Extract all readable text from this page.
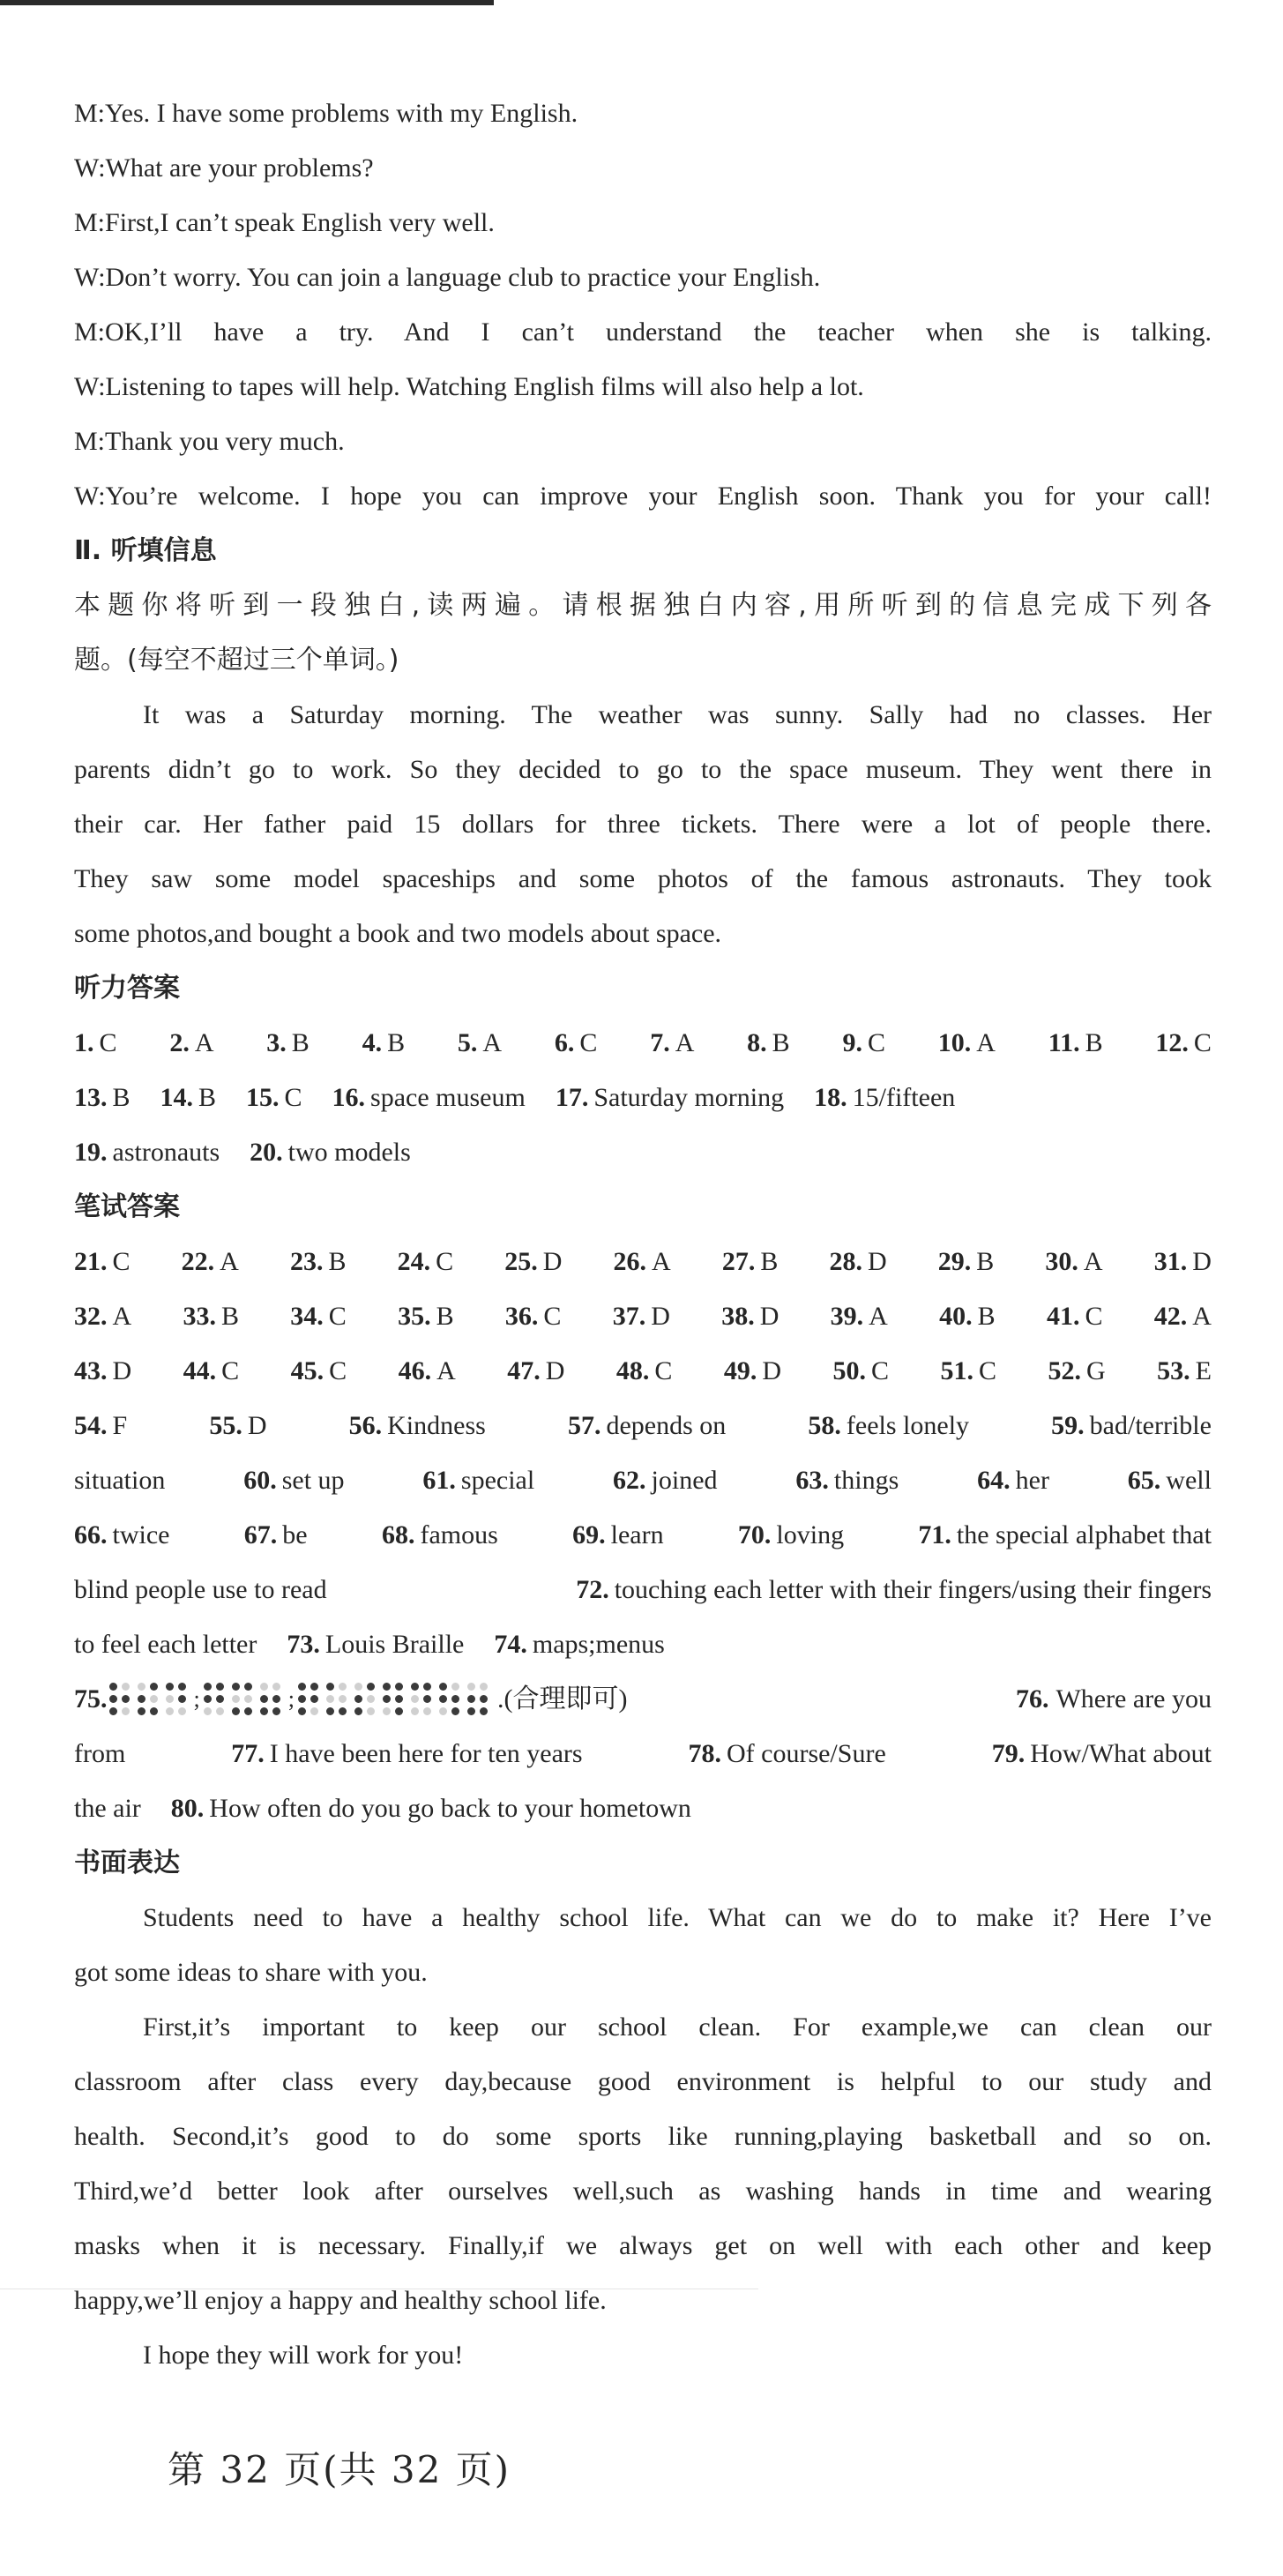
M:Yes. I have some problems with my English.
W:What are your problems?
M:First,I can’t speak English very well.
W:Don’t worry. You can join a language club to practice your English.
M:OK,I’ll have a try. And I can’t understand the teacher when she is talking.
W:Listening to tapes will help. Watching English films will also help a lot.
M:Thank you very much.
W:You’re welcome. I hope you can improve your English soon. Thank you for your call!
Ⅱ. 听填信息
本题你将听到一段独白,读两遍。请根据独白内容,用所听到的信息完成下列各
题。(每空不超过三个单词。)
It was a Saturday morning. The weather was sunny. Sally had no classes. Her
parents didn’t go to work. So they decided to go to the space museum. They went there in
their car. Her father paid 15 dollars for three tickets. There were a lot of people there.
They saw some model spaceships and some photos of the famous astronauts. They took
some photos,and bought a book and two models about space.
听力答案
1. C 2. A 3. B 4. B 5. A 6. C 7. A 8. B 9. C 10. A 11. B 12. C
13. B 14. B 15. C 16. space museum 17. Saturday morning 18. 15/fifteen
19. astronauts 20. two models
笔试答案
21. C 22. A 23. B 24. C 25. D 26. A 27. B 28. D 29. B 30. A 31. D
32. A 33. B 34. C 35. B 36. C 37. D 38. D 39. A 40. B 41. C 42. A
43. D 44. C 45. C 46. A 47. D 48. C 49. D 50. C 51. C 52. G 53. E
54. F	55. D	56. Kindness	57. depends on	58. feels lonely	59. bad/terrible
situation	60. set up	61. special	62. joined	63. things	64. her	65. well
66. twice	67. be	68. famous	69. learn	70. loving	71. the special alphabet that
blind people use to read	72. touching each letter with their fingers/using their fingers
to feel each letter 73. Louis Braille 74. maps;menus
75.	;	;	.(合理即可)	76. Where are you
from	77. I have been here for ten years	78. Of course/Sure	79. How/What about
the air 80. How often do you go back to your hometown
书面表达
Students need to have a healthy school life. What can we do to make it? Here I’ve
got some ideas to share with you.
First,it’s important to keep our school clean. For example,we can clean our
classroom after class every day,because good environment is helpful to our study and
health. Second,it’s good to do some sports like running,playing basketball and so on.
Third,we’d better look after ourselves well,such as washing hands in time and wearing
masks when it is necessary. Finally,if we always get on well with each other and keep
happy,we’ll enjoy a happy and healthy school life.
I hope they will work for you!
第 32 页(共 32 页)
